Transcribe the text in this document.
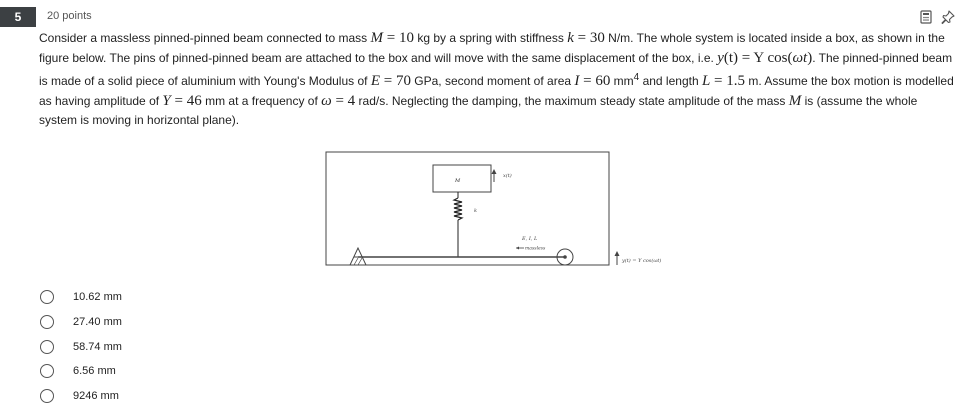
5	20 points

Consider a massless pinned-pinned beam connected to mass M = 10 kg by a spring with stiffness k = 30 N/m. The whole system is located inside a box, as shown in the figure below. The pins of pinned-pinned beam are attached to the box and will move with the same displacement of the box, i.e. y(t) = Y cos(ωt). The pinned-pinned beam is made of a solid piece of aluminium with Young's Modulus of E = 70 GPa, second moment of area I = 60 $mm^4$ and length L = 1.5 m. Assume the box motion is modelled as having amplitude of Y = 46 mm at a frequency of ω = 4 rad/s. Neglecting the damping, the maximum steady state amplitude of the mass M is (assume the whole system is moving in horizontal plane).

M
x(t)
k
E, I, L
massless
y(t) = Y cos(ωt)
10.62 mm
27.40 mm
58.74 mm
6.56 mm
9246 mm
